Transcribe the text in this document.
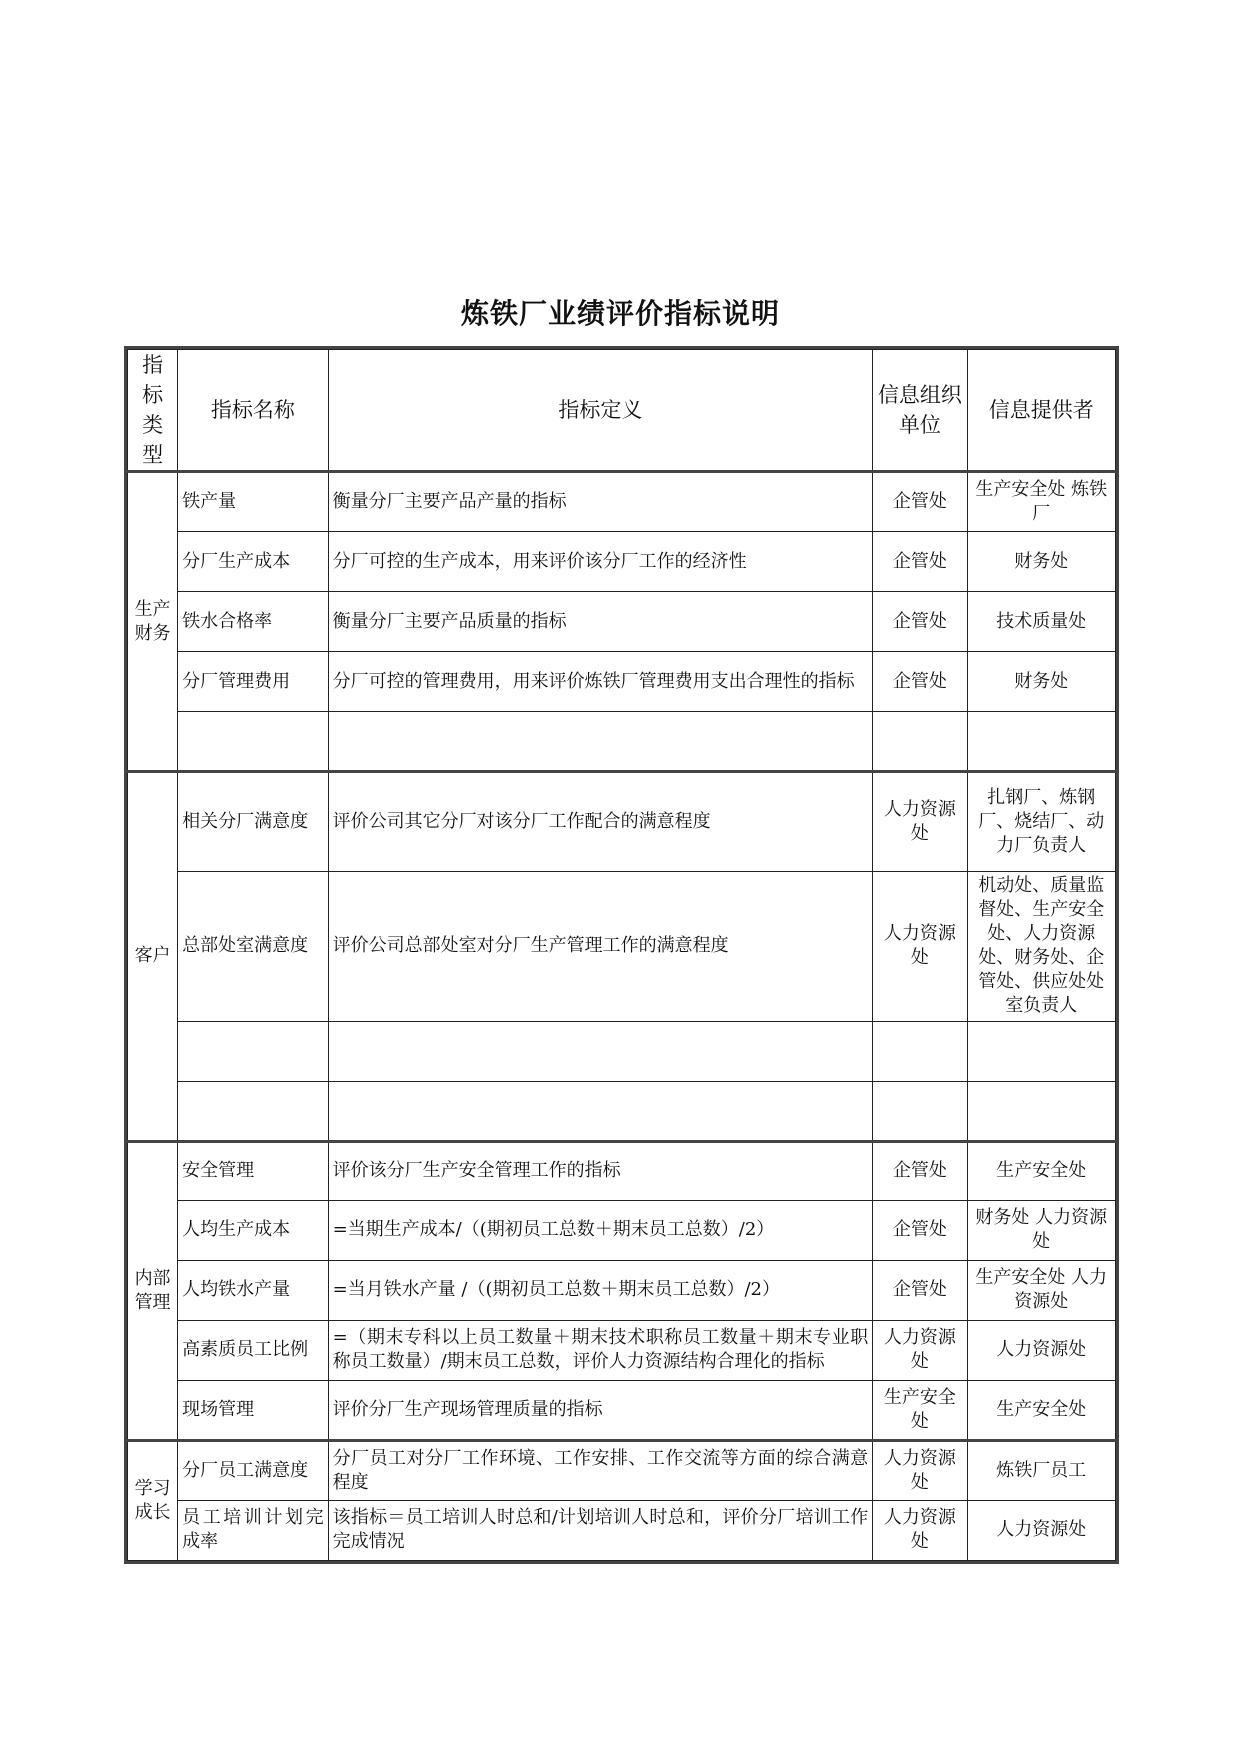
炼铁厂业绩评价指标说明
指标类型	指标名称	指标定义	信息组织单位	信息提供者
生产财务	铁产量	衡量分厂主要产品产量的指标	企管处	生产安全处 炼铁厂
	分厂生产成本	分厂可控的生产成本，用来评价该分厂工作的经济性	企管处	财务处
	铁水合格率	衡量分厂主要产品质量的指标	企管处	技术质量处
	分厂管理费用	分厂可控的管理费用，用来评价炼铁厂管理费用支出合理性的指标	企管处	财务处

客户	相关分厂满意度	评价公司其它分厂对该分厂工作配合的满意程度	人力资源处	扎钢厂、炼钢厂、烧结厂、动力厂负责人
	总部处室满意度	评价公司总部处室对分厂生产管理工作的满意程度	人力资源处	机动处、质量监督处、生产安全处、人力资源处、财务处、企管处、供应处处室负责人

内部管理	安全管理	评价该分厂生产安全管理工作的指标	企管处	生产安全处
	人均生产成本	=当期生产成本/（(期初员工总数＋期末员工总数）/2）	企管处	财务处 人力资源处
	人均铁水产量	=当月铁水产量 /（(期初员工总数＋期末员工总数）/2）	企管处	生产安全处 人力资源处
	高素质员工比例	=（期末专科以上员工数量＋期末技术职称员工数量＋期末专业职称员工数量）/期末员工总数，评价人力资源结构合理化的指标	人力资源处	人力资源处
	现场管理	评价分厂生产现场管理质量的指标	生产安全处	生产安全处
学习成长	分厂员工满意度	分厂员工对分厂工作环境、工作安排、工作交流等方面的综合满意程度	人力资源处	炼铁厂员工
	员工培训计划完成率	该指标＝员工培训人时总和/计划培训人时总和，评价分厂培训工作完成情况	人力资源处	人力资源处
